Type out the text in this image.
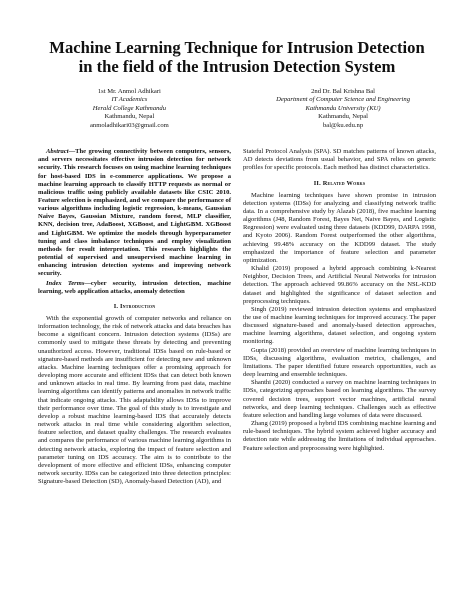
Machine Learning Technique for Intrusion Detection
in the field of the Intrusion Detection System
1st Mr. Anmol Adhikari
IT Academics
Herald College Kathmandu
Kathmandu, Nepal
anmoladhikari03@gmail.com
2nd Dr. Bal Krishna Bal
Department of Computer Science and Engineering
Kathmandu University (KU)
Kathmandu, Nepal
bal@ku.edu.np

Abstract—The growing connectivity between computers, sensors, and servers necessitates effective intrusion detection for network security. This research focuses on using machine learning techniques for host-based IDS in e-commerce applications. We propose a machine learning approach to classify HTTP requests as normal or malicious traffic using publicly available datasets like CSIC 2010. Feature selection is emphasized, and we compare the performance of various algorithms including logistic regression, k-means, Gaussian Naive Bayes, Gaussian Mixture, random forest, MLP classifier, KNN, decision tree, AdaBoost, XGBoost, and LightGBM. XGBoost and LightGBM. We optimize the models through hyperparameter tuning and class imbalance techniques and employ visualization methods for result interpretation. This research highlights the potential of supervised and unsupervised machine learning in enhancing intrusion detection systems and improving network security.

Index Terms—cyber security, intrusion detection, machine learning, web application attacks, anomaly detection

I. Introduction

With the exponential growth of computer networks and reliance on information technology, the risk of network attacks and data breaches has become a significant concern. Intrusion detection systems (IDSs) are commonly used to mitigate these threats by detecting and preventing unauthorized access. However, traditional IDSs based on rule-based or signature-based methods are insufficient for detecting new and unknown attacks. Machine learning techniques offer a promising approach for developing more accurate and efficient IDSs that can detect both known and unknown attacks in real time. By learning from past data, machine learning algorithms can identify patterns and anomalies in network traffic that indicate ongoing attacks. This adaptability allows IDSs to improve their performance over time. The goal of this study is to investigate and develop a robust machine learning-based IDS that accurately detects network attacks in real time while considering algorithm selection, feature selection, and dataset quality challenges. The research evaluates and compares the performance of various machine learning algorithms in detecting network attacks, exploring the impact of feature selection and parameter tuning on IDS accuracy. The aim is to contribute to the development of more effective and efficient IDSs, enhancing computer network security. IDSs can be categorized into three detection principles: Signature-based Detection (SD), Anomaly-based Detection (AD), and

Stateful Protocol Analysis (SPA). SD matches patterns of known attacks, AD detects deviations from usual behavior, and SPA relies on generic profiles for specific protocols. Each method has distinct characteristics.

II. Related Works

Machine learning techniques have shown promise in intrusion detection systems (IDSs) for analyzing and classifying network traffic data. In a comprehensive study by Alazab (2018), five machine learning algorithms (J48, Random Forest, Bayes Net, Naive Bayes, and Logistic Regression) were evaluated using three datasets (KDD99, DARPA 1998, and Kyoto 2006). Random Forest outperformed the other algorithms, achieving 99.48% accuracy on the KDD99 dataset. The study emphasized the importance of feature selection and parameter optimization.

Khalid (2019) proposed a hybrid approach combining k-Nearest Neighbor, Decision Trees, and Artificial Neural Networks for intrusion detection. The approach achieved 99.86% accuracy on the NSL-KDD dataset and highlighted the significance of dataset selection and preprocessing techniques.

Singh (2019) reviewed intrusion detection systems and emphasized the use of machine learning techniques for improved accuracy. The paper discussed signature-based and anomaly-based detection approaches, machine learning algorithms, dataset selection, and ongoing system monitoring.

Gupta (2018) provided an overview of machine learning techniques in IDSs, discussing algorithms, evaluation metrics, challenges, and limitations. The paper identified future research opportunities, such as deep learning and ensemble techniques.

Shanthi (2020) conducted a survey on machine learning techniques in IDSs, categorizing approaches based on learning algorithms. The survey covered decision trees, support vector machines, artificial neural networks, and deep learning techniques. Challenges such as effective feature selection and handling large volumes of data were discussed.

Zhang (2019) proposed a hybrid IDS combining machine learning and rule-based techniques. The hybrid system achieved higher accuracy and detection rate while addressing the limitations of individual approaches. Feature selection and preprocessing were highlighted.
